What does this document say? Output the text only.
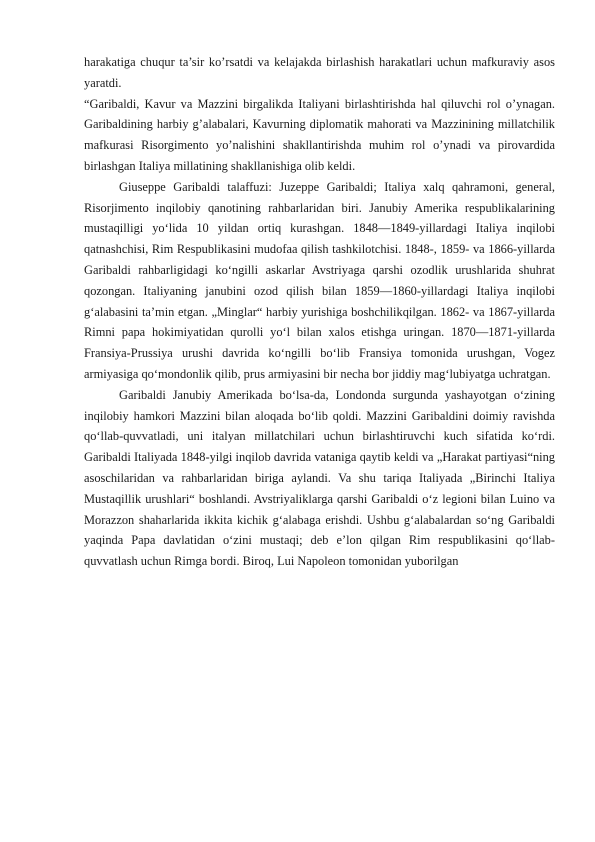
harakatiga chuqur ta’sir ko’rsatdi va kelajakda birlashish harakatlari uchun mafkuraviy asos yaratdi.

“Garibaldi, Kavur va Mazzini birgalikda Italiyani birlashtirishda hal qiluvchi rol o’ynagan. Garibaldining harbiy g’alabalari, Kavurning diplomatik mahorati va Mazzinining millatchilik mafkurasi Risorgimento yo’nalishini shakllantirishda muhim rol o’ynadi va pirovardida birlashgan Italiya millatining shakllanishiga olib keldi.

Giuseppe Garibaldi talaffuzi: Juzeppe Garibaldi; Italiya xalq qahramoni, general, Risorjimento inqilobiy qanotining rahbarlaridan biri. Janubiy Amerika respublikalarining mustaqilligi yoʻlida 10 yildan ortiq kurashgan. 1848—1849-yillardagi Italiya inqilobi qatnashchisi, Rim Respublikasini mudofaa qilish tashkilotchisi. 1848-, 1859- va 1866-yillarda Garibaldi rahbarligidagi koʻngilli askarlar Avstriyaga qarshi ozodlik urushlarida shuhrat qozongan. Italiyaning janubini ozod qilish bilan 1859—1860-yillardagi Italiya inqilobi gʻalabasini taʼmin etgan. „Minglar“ harbiy yurishiga boshchilikqilgan. 1862- va 1867-yillarda Rimni papa hokimiyatidan qurolli yoʻl bilan xalos etishga uringan. 1870—1871-yillarda Fransiya-Prussiya urushi davrida koʻngilli boʻlib Fransiya tomonida urushgan, Vogez armiyasiga qoʻmondonlik qilib, prus armiyasini bir necha bor jiddiy magʻlubiyatga uchratgan.

Garibaldi Janubiy Amerikada boʻlsa-da, Londonda surgunda yashayotgan oʻzining inqilobiy hamkori Mazzini bilan aloqada boʻlib qoldi. Mazzini Garibaldini doimiy ravishda qoʻllab-quvvatladi, uni italyan millatchilari uchun birlashtiruvchi kuch sifatida koʻrdi. Garibaldi Italiyada 1848-yilgi inqilob davrida vataniga qaytib keldi va „Harakat partiyasi“ning asoschilaridan va rahbarlaridan biriga aylandi. Va shu tariqa Italiyada „Birinchi Italiya Mustaqillik urushlari“ boshlandi. Avstriyaliklarga qarshi Garibaldi oʻz legioni bilan Luino va Morazzon shaharlarida ikkita kichik gʻalabaga erishdi. Ushbu gʻalabalardan soʻng Garibaldi yaqinda Papa davlatidan oʻzini mustaqi; deb eʼlon qilgan Rim respublikasini qoʻllab-quvvatlash uchun Rimga bordi. Biroq, Lui Napoleon tomonidan yuborilgan
